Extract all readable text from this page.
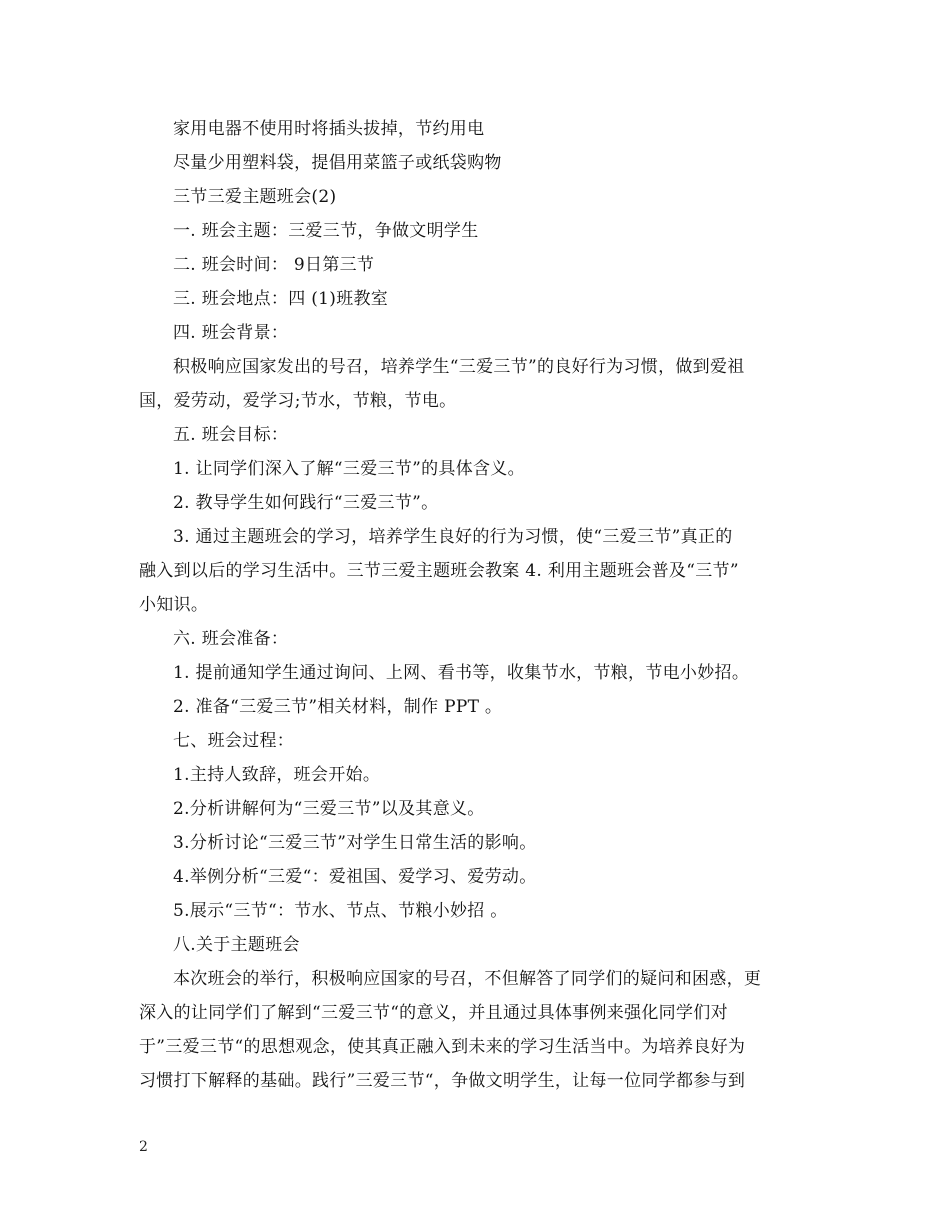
家用电器不使用时将插头拔掉，节约用电
尽量少用塑料袋，提倡用菜篮子或纸袋购物
三节三爱主题班会(2)
一. 班会主题：三爱三节，争做文明学生
二. 班会时间： 9日第三节
三. 班会地点：四 (1)班教室
四. 班会背景：
积极响应国家发出的号召，培养学生“三爱三节”的良好行为习惯，做到爱祖
国，爱劳动，爱学习;节水，节粮，节电。
五. 班会目标：
1. 让同学们深入了解“三爱三节”的具体含义。
2. 教导学生如何践行“三爱三节”。
3. 通过主题班会的学习，培养学生良好的行为习惯，使“三爱三节”真正的
融入到以后的学习生活中。三节三爱主题班会教案 4. 利用主题班会普及“三节”
小知识。
六. 班会准备：
1. 提前通知学生通过询问、上网、看书等，收集节水，节粮，节电小妙招。
2. 准备“三爱三节”相关材料，制作 PPT 。
七、班会过程：
1.主持人致辞，班会开始。
2.分析讲解何为“三爱三节”以及其意义。
3.分析讨论“三爱三节”对学生日常生活的影响。
4.举例分析“三爱“：爱祖国、爱学习、爱劳动。
5.展示“三节“：节水、节点、节粮小妙招 。
八.关于主题班会
本次班会的举行，积极响应国家的号召，不但解答了同学们的疑问和困惑，更
深入的让同学们了解到“三爱三节“的意义，并且通过具体事例来强化同学们对
于”三爱三节“的思想观念，使其真正融入到未来的学习生活当中。为培养良好为
习惯打下解释的基础。践行”三爱三节“，争做文明学生，让每一位同学都参与到
2
